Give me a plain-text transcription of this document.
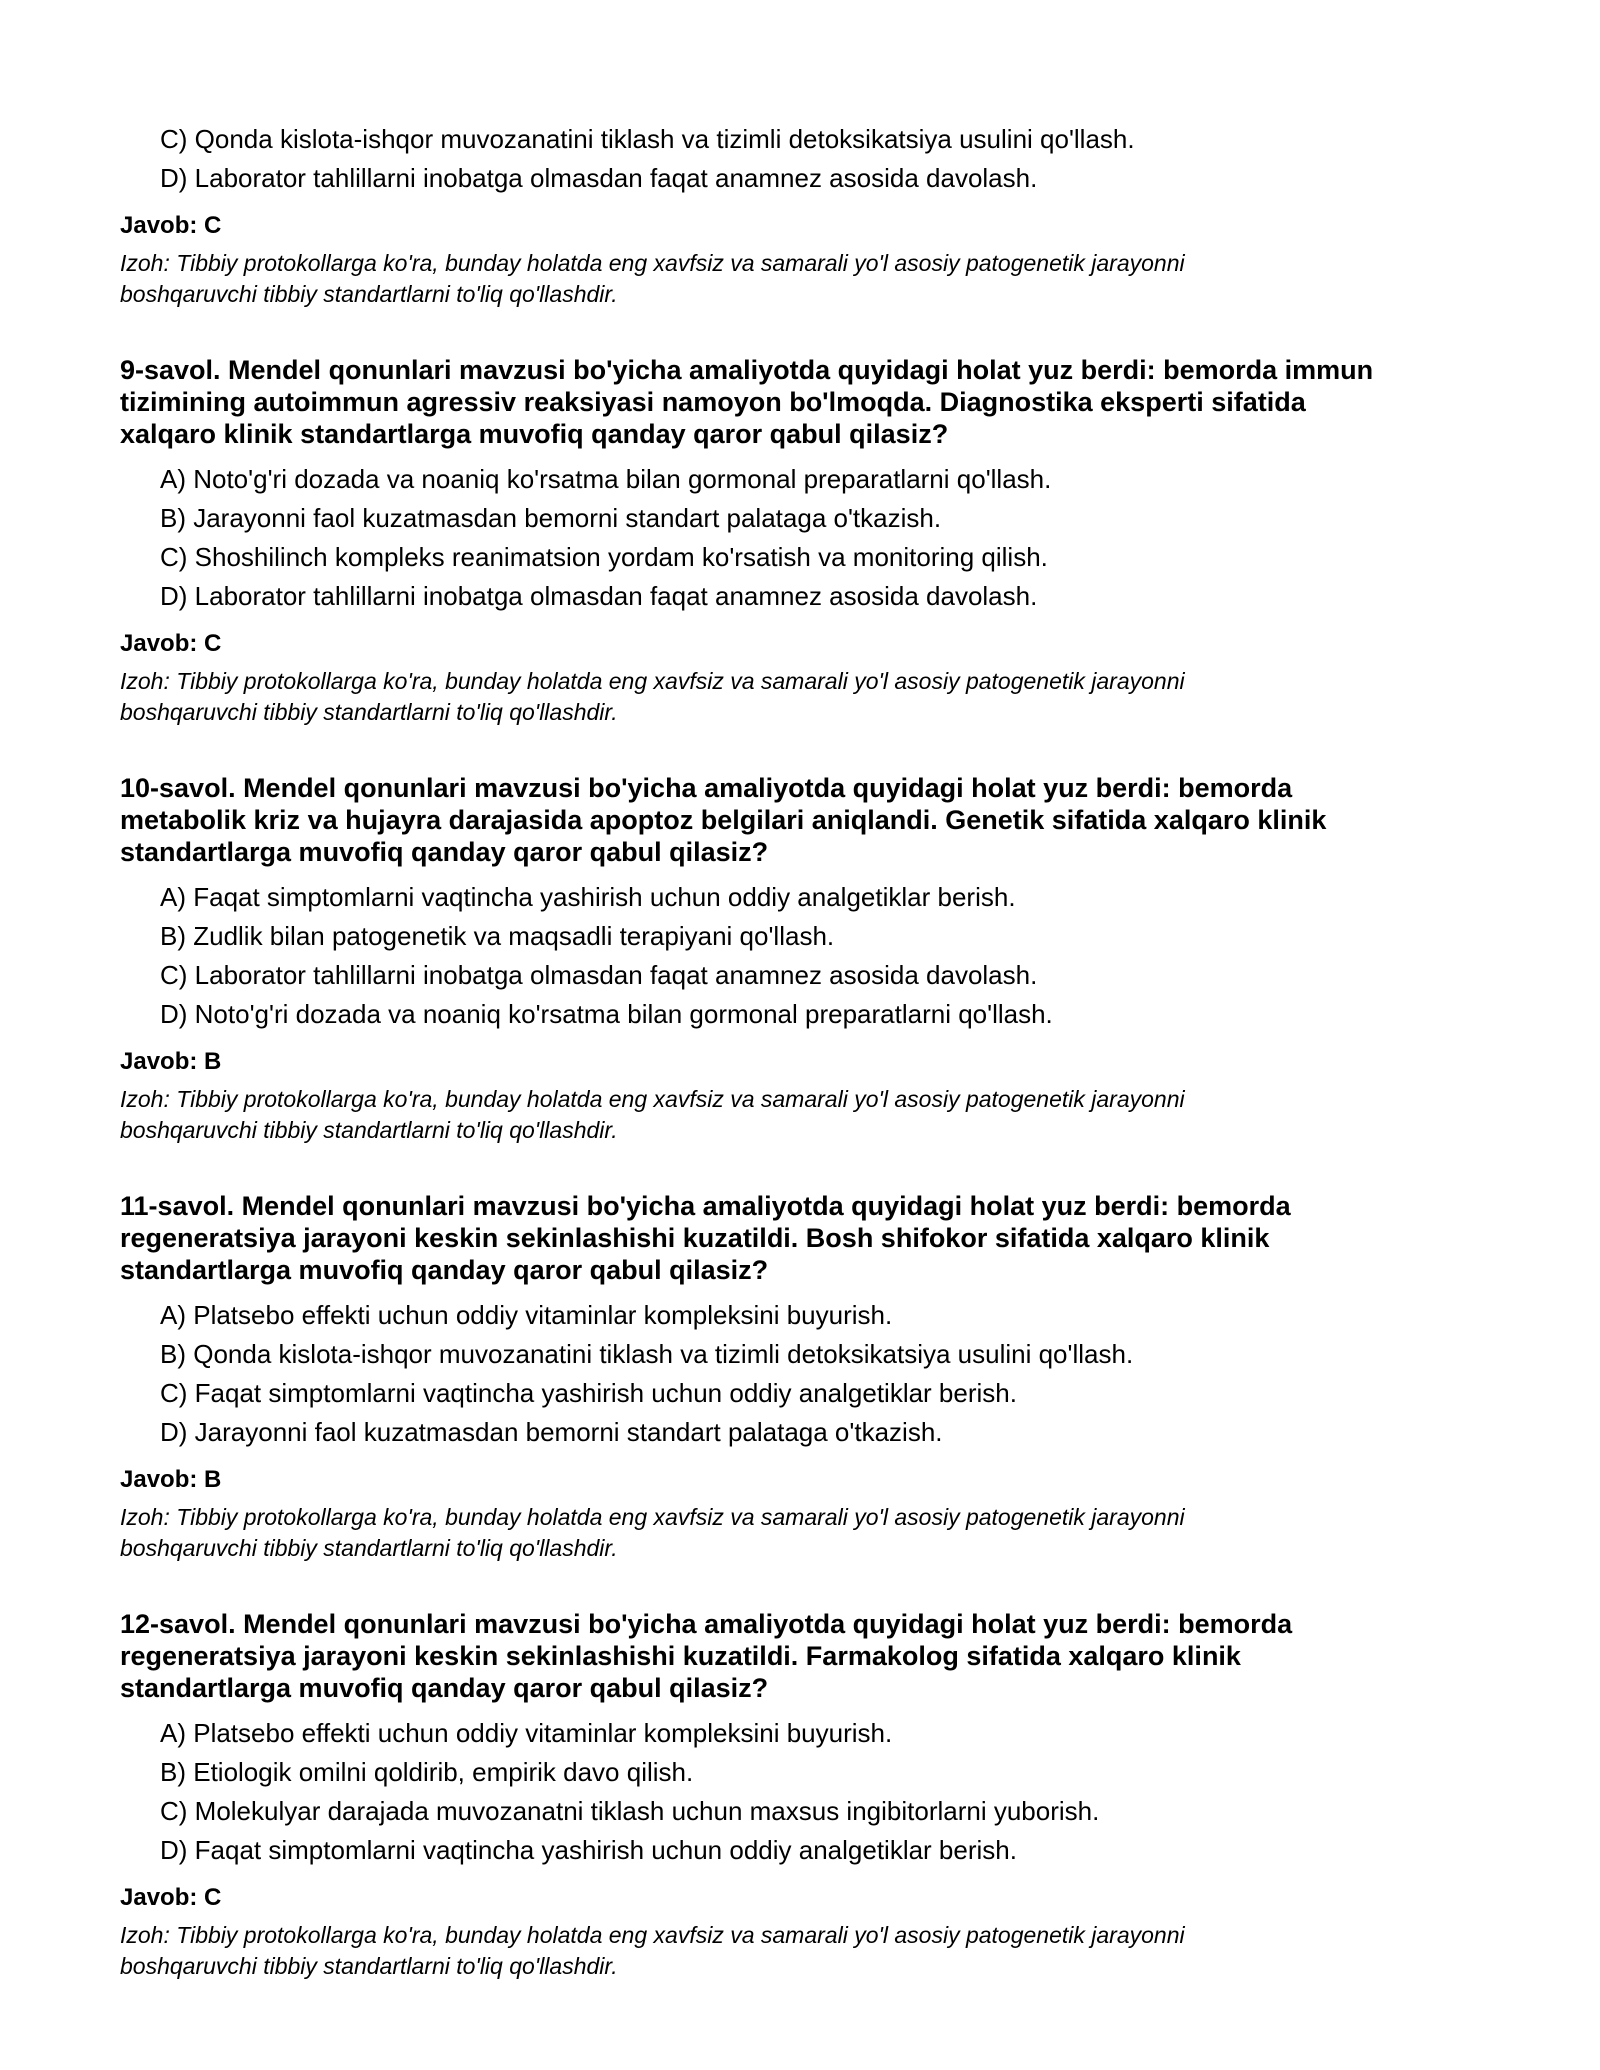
C) Qonda kislota-ishqor muvozanatini tiklash va tizimli detoksikatsiya usulini qo'llash.
D) Laborator tahlillarni inobatga olmasdan faqat anamnez asosida davolash.
Javob: C
Izoh: Tibbiy protokollarga ko'ra, bunday holatda eng xavfsiz va samarali yo'l asosiy patogenetik jarayonni
boshqaruvchi tibbiy standartlarni to'liq qo'llashdir.
9-savol. Mendel qonunlari mavzusi bo'yicha amaliyotda quyidagi holat yuz berdi: bemorda immun
tizimining autoimmun agressiv reaksiyasi namoyon bo'lmoqda. Diagnostika eksperti sifatida
xalqaro klinik standartlarga muvofiq qanday qaror qabul qilasiz?
A) Noto'g'ri dozada va noaniq ko'rsatma bilan gormonal preparatlarni qo'llash.
B) Jarayonni faol kuzatmasdan bemorni standart palataga o'tkazish.
C) Shoshilinch kompleks reanimatsion yordam ko'rsatish va monitoring qilish.
D) Laborator tahlillarni inobatga olmasdan faqat anamnez asosida davolash.
Javob: C
Izoh: Tibbiy protokollarga ko'ra, bunday holatda eng xavfsiz va samarali yo'l asosiy patogenetik jarayonni
boshqaruvchi tibbiy standartlarni to'liq qo'llashdir.
10-savol. Mendel qonunlari mavzusi bo'yicha amaliyotda quyidagi holat yuz berdi: bemorda
metabolik kriz va hujayra darajasida apoptoz belgilari aniqlandi. Genetik sifatida xalqaro klinik
standartlarga muvofiq qanday qaror qabul qilasiz?
A) Faqat simptomlarni vaqtincha yashirish uchun oddiy analgetiklar berish.
B) Zudlik bilan patogenetik va maqsadli terapiyani qo'llash.
C) Laborator tahlillarni inobatga olmasdan faqat anamnez asosida davolash.
D) Noto'g'ri dozada va noaniq ko'rsatma bilan gormonal preparatlarni qo'llash.
Javob: B
Izoh: Tibbiy protokollarga ko'ra, bunday holatda eng xavfsiz va samarali yo'l asosiy patogenetik jarayonni
boshqaruvchi tibbiy standartlarni to'liq qo'llashdir.
11-savol. Mendel qonunlari mavzusi bo'yicha amaliyotda quyidagi holat yuz berdi: bemorda
regeneratsiya jarayoni keskin sekinlashishi kuzatildi. Bosh shifokor sifatida xalqaro klinik
standartlarga muvofiq qanday qaror qabul qilasiz?
A) Platsebo effekti uchun oddiy vitaminlar kompleksini buyurish.
B) Qonda kislota-ishqor muvozanatini tiklash va tizimli detoksikatsiya usulini qo'llash.
C) Faqat simptomlarni vaqtincha yashirish uchun oddiy analgetiklar berish.
D) Jarayonni faol kuzatmasdan bemorni standart palataga o'tkazish.
Javob: B
Izoh: Tibbiy protokollarga ko'ra, bunday holatda eng xavfsiz va samarali yo'l asosiy patogenetik jarayonni
boshqaruvchi tibbiy standartlarni to'liq qo'llashdir.
12-savol. Mendel qonunlari mavzusi bo'yicha amaliyotda quyidagi holat yuz berdi: bemorda
regeneratsiya jarayoni keskin sekinlashishi kuzatildi. Farmakolog sifatida xalqaro klinik
standartlarga muvofiq qanday qaror qabul qilasiz?
A) Platsebo effekti uchun oddiy vitaminlar kompleksini buyurish.
B) Etiologik omilni qoldirib, empirik davo qilish.
C) Molekulyar darajada muvozanatni tiklash uchun maxsus ingibitorlarni yuborish.
D) Faqat simptomlarni vaqtincha yashirish uchun oddiy analgetiklar berish.
Javob: C
Izoh: Tibbiy protokollarga ko'ra, bunday holatda eng xavfsiz va samarali yo'l asosiy patogenetik jarayonni
boshqaruvchi tibbiy standartlarni to'liq qo'llashdir.
